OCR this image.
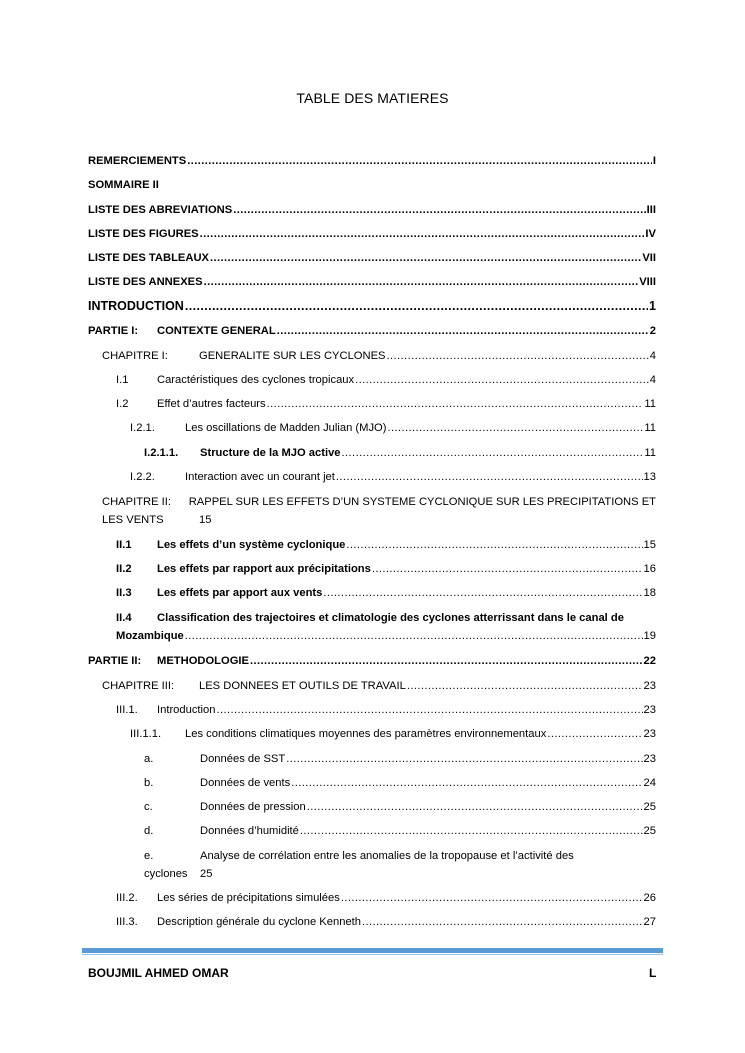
TABLE DES MATIERES
REMERCIEMENTS .....	I
SOMMAIRE II
LISTE DES ABREVIATIONS .....	III
LISTE DES FIGURES .....	IV
LISTE DES TABLEAUX .....	VII
LISTE DES ANNEXES .....	VIII
INTRODUCTION .....	1
PARTIE I:	CONTEXTE GENERAL .....	2
CHAPITRE I:	GENERALITE SUR LES CYCLONES .....	4
I.1	Caractéristiques des cyclones tropicaux .....	4
I.2	Effet d’autres facteurs .....	11
I.2.1.	Les oscillations de Madden Julian (MJO) .....	11
I.2.1.1.	Structure de la MJO active .....	11
I.2.2.	Interaction avec un courant jet .....	13
CHAPITRE II:	RAPPEL SUR LES EFFETS D’UN SYSTEME CYCLONIQUE SUR LES PRECIPITATIONS ET
LES VENTS	15
II.1	Les effets d’un système cyclonique .....	15
II.2	Les effets par rapport aux précipitations .....	16
II.3	Les effets par apport aux vents .....	18
II.4	Classification des trajectoires et climatologie des cyclones atterrissant dans le canal de
Mozambique .....	19
PARTIE II:	METHODOLOGIE .....	22
CHAPITRE III:	LES DONNEES ET OUTILS DE TRAVAIL .....	23
III.1.	Introduction .....	23
III.1.1.	Les conditions climatiques moyennes des paramètres environnementaux .....	23
a.	Données de SST .....	23
b.	Données de vents .....	24
c.	Données de pression .....	25
d.	Données d’humidité .....	25
e.	Analyse de corrélation entre les anomalies de la tropopause et l’activité des
cyclones	25
III.2.	Les séries de précipitations simulées .....	26
III.3.	Description générale du cyclone Kenneth .....	27
BOUJMIL AHMED OMAR	L
